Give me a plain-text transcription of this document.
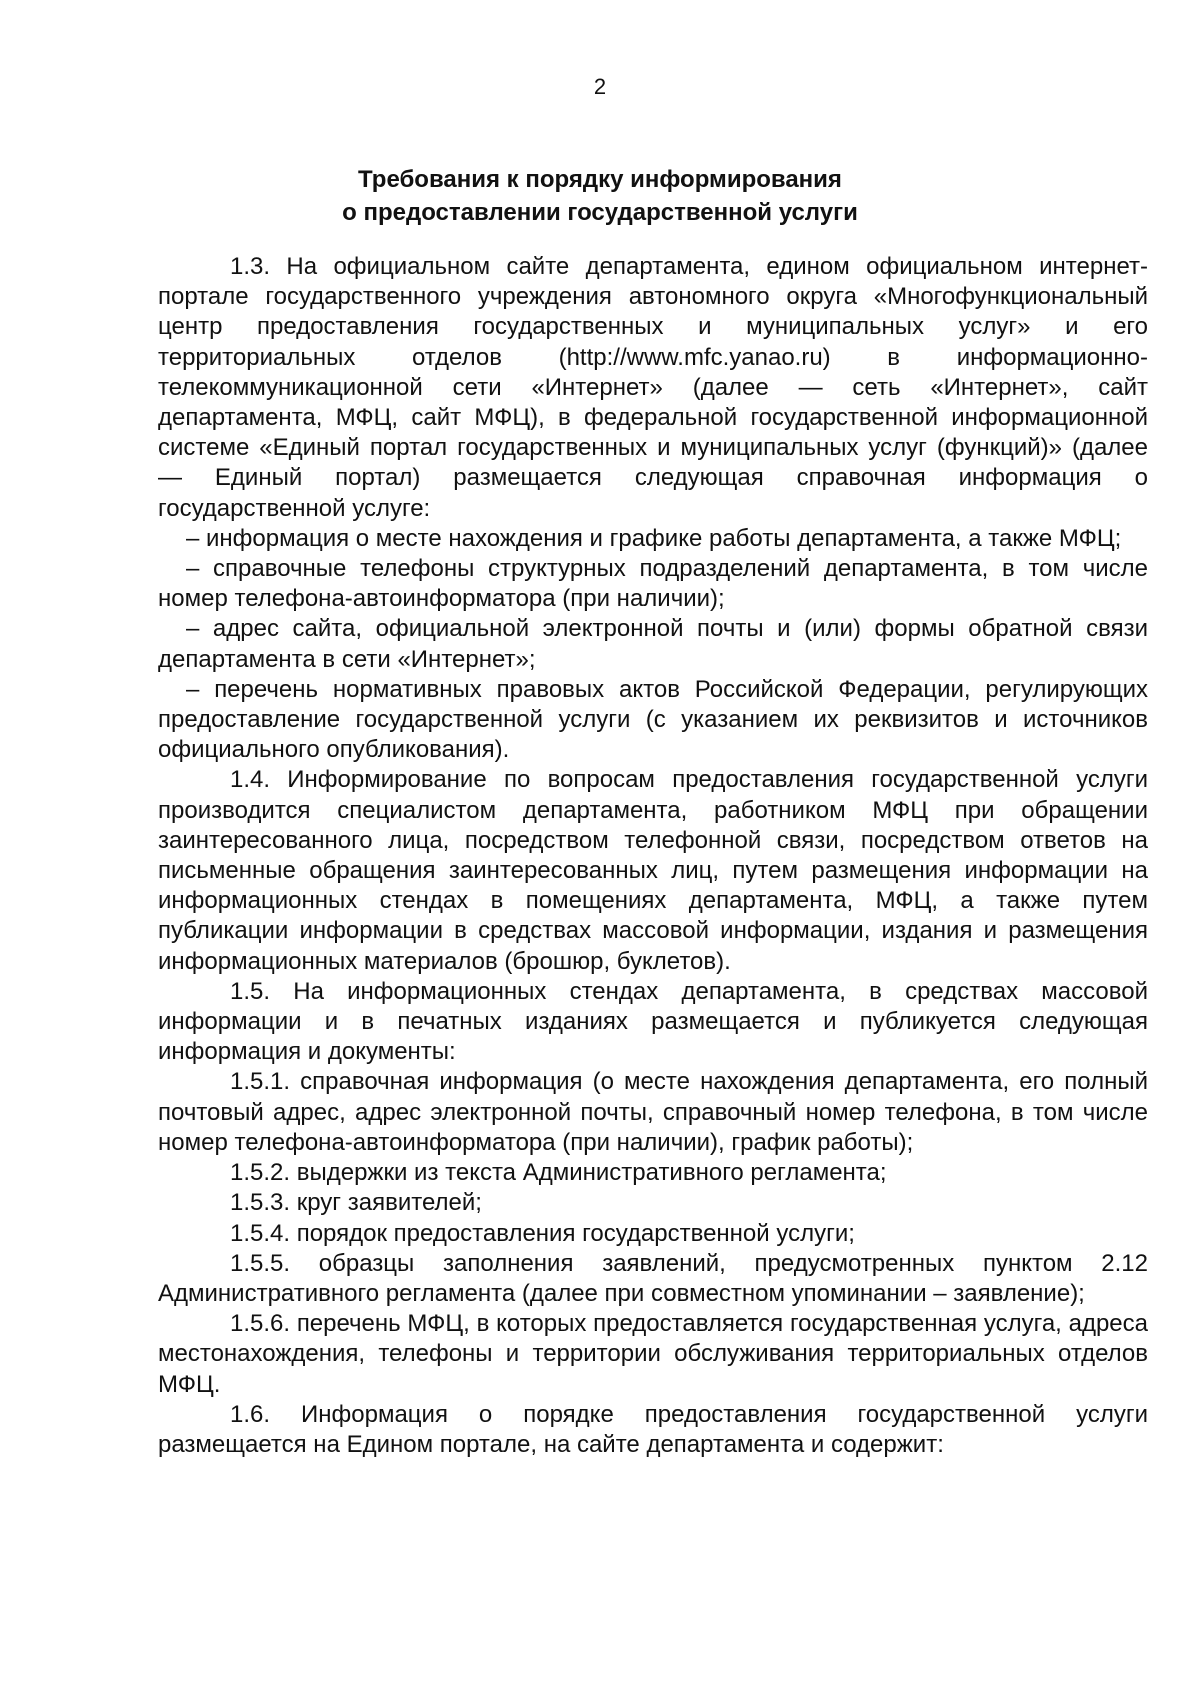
2
Требования к порядку информирования
о предоставлении государственной услуги

1.3. На официальном сайте департамента, едином официальном интернет-портале государственного учреждения автономного округа «Многофункциональный центр предоставления государственных и муниципальных услуг» и его территориальных отделов (http://www.mfc.yanao.ru) в информационно-телекоммуникационной сети «Интернет» (далее — сеть «Интернет», сайт департамента, МФЦ, сайт МФЦ), в федеральной государственной информационной системе «Единый портал государственных и муниципальных услуг (функций)» (далее — Единый портал) размещается следующая справочная информация о государственной услуге:

– информация о месте нахождения и графике работы департамента, а также МФЦ;

– справочные телефоны структурных подразделений департамента, в том числе номер телефона-автоинформатора (при наличии);

– адрес сайта, официальной электронной почты и (или) формы обратной связи департамента в сети «Интернет»;

– перечень нормативных правовых актов Российской Федерации, регулирующих предоставление государственной услуги (с указанием их реквизитов и источников официального опубликования).

1.4. Информирование по вопросам предоставления государственной услуги производится специалистом департамента, работником МФЦ при обращении заинтересованного лица, посредством телефонной связи, посредством ответов на письменные обращения заинтересованных лиц, путем размещения информации на информационных стендах в помещениях департамента, МФЦ, а также путем публикации информации в средствах массовой информации, издания и размещения информационных материалов (брошюр, буклетов).

1.5. На информационных стендах департамента, в средствах массовой информации и в печатных изданиях размещается и публикуется следующая информация и документы:

1.5.1. справочная информация (о месте нахождения департамента, его полный почтовый адрес, адрес электронной почты, справочный номер телефона, в том числе номер телефона-автоинформатора (при наличии), график работы);

1.5.2. выдержки из текста Административного регламента;

1.5.3. круг заявителей;

1.5.4. порядок предоставления государственной услуги;

1.5.5. образцы заполнения заявлений, предусмотренных пунктом 2.12 Административного регламента (далее при совместном упоминании – заявление);

1.5.6. перечень МФЦ, в которых предоставляется государственная услуга, адреса местонахождения, телефоны и территории обслуживания территориальных отделов МФЦ.

1.6. Информация о порядке предоставления государственной услуги размещается на Едином портале, на сайте департамента и содержит:
